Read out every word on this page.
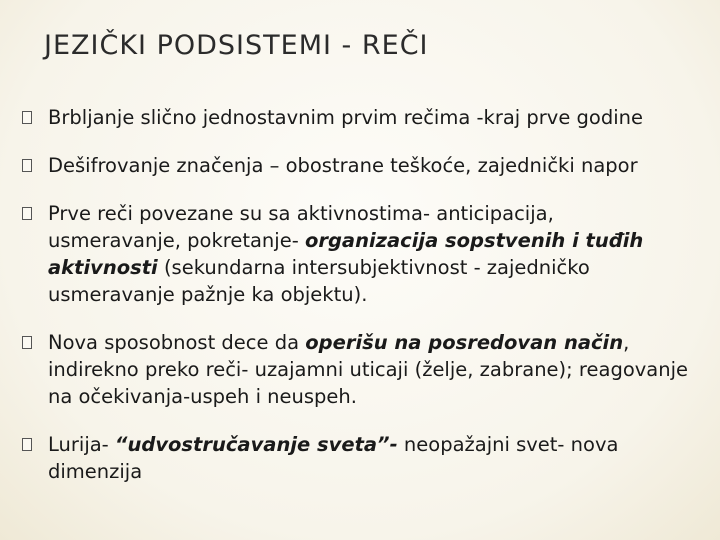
JEZIČKI PODSISTEMI - REČI
Brbljanje slično jednostavnim prvim rečima -kraj prve godine
Dešifrovanje značenja – obostrane teškoće, zajednički napor
Prve reči povezane su sa aktivnostima- anticipacija, usmeravanje, pokretanje- organizacija sopstvenih i tuđih aktivnosti (sekundarna intersubjektivnost - zajedničko usmeravanje pažnje ka objektu).
Nova sposobnost dece da operišu na posredovan način, indirekno preko reči- uzajamni uticaji (želje, zabrane); reagovanje na očekivanja-uspeh i neuspeh.
Lurija- “udvostručavanje sveta”- neopažajni svet- nova dimenzija
